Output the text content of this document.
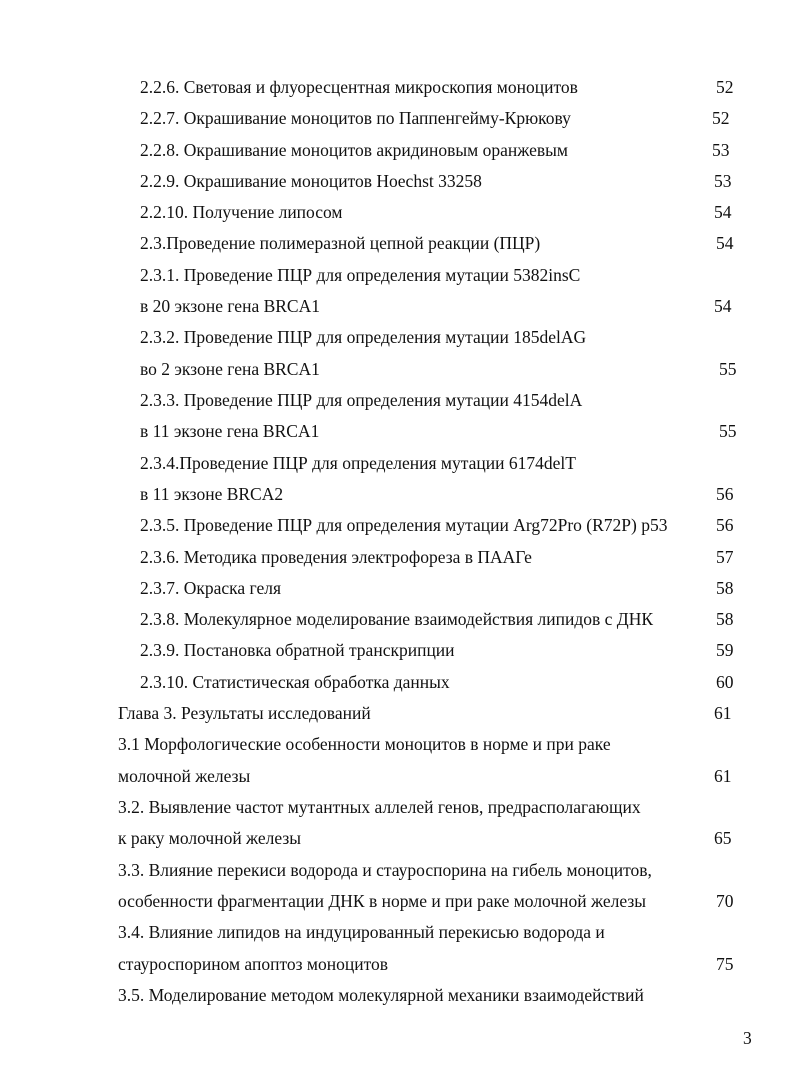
2.2.6. Световая и флуоресцентная микроскопия моноцитов	52
2.2.7. Окрашивание моноцитов по Паппенгейму-Крюкову	52
2.2.8. Окрашивание моноцитов акридиновым оранжевым	53
2.2.9. Окрашивание моноцитов Hoechst 33258	53
2.2.10. Получение липосом	54
2.3.Проведение полимеразной цепной реакции (ПЦР)	54
2.3.1. Проведение ПЦР для определения мутации 5382insC
в 20 экзоне гена BRCA1	54
2.3.2. Проведение ПЦР для определения мутации 185delAG
во 2 экзоне гена BRCA1	55
2.3.3. Проведение ПЦР для определения мутации 4154delA
в 11 экзоне гена BRCA1	55
2.3.4.Проведение ПЦР для определения мутации 6174delT
в 11 экзоне BRCA2	56
2.3.5. Проведение ПЦР для определения мутации Arg72Pro (R72P) p53	56
2.3.6. Методика проведения электрофореза в ПААГе	57
2.3.7. Окраска геля	58
2.3.8. Молекулярное моделирование взаимодействия липидов с ДНК	58
2.3.9. Постановка обратной транскрипции	59
2.3.10. Статистическая обработка данных	60
Глава 3. Результаты исследований	61
3.1 Морфологические особенности моноцитов в норме и при раке
молочной железы	61
3.2. Выявление частот мутантных аллелей генов, предрасполагающих
к раку молочной железы	65
3.3. Влияние перекиси водорода и стауроспорина на гибель моноцитов,
особенности фрагментации ДНК в норме и при раке молочной железы	70
3.4. Влияние липидов на индуцированный перекисью водорода и
стауроспорином апоптоз моноцитов	75
3.5. Моделирование методом молекулярной механики взаимодействий
3
